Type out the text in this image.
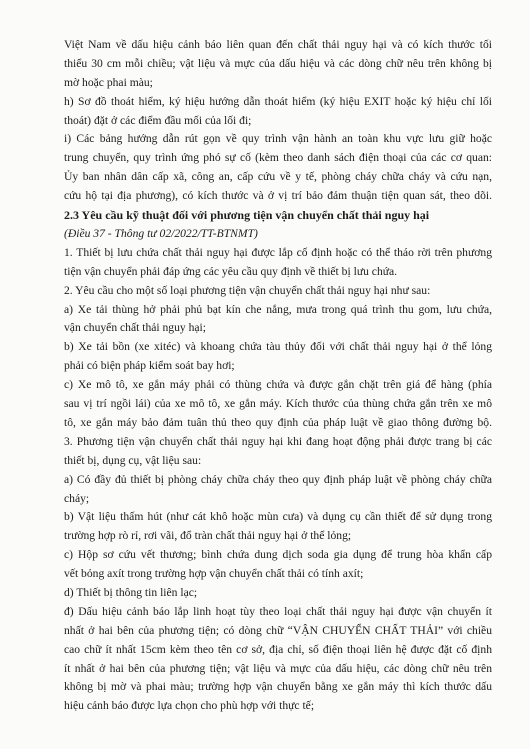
Việt Nam về dấu hiệu cảnh báo liên quan đến chất thải nguy hại và có kích thước tối
thiểu 30 cm mỗi chiều; vật liệu và mực của dấu hiệu và các dòng chữ nêu trên không bị
mờ hoặc phai màu;
h) Sơ đồ thoát hiểm, ký hiệu hướng dẫn thoát hiểm (ký hiệu EXIT hoặc ký hiệu chỉ lối
thoát) đặt ở các điểm đầu mối của lối đi;
i) Các bảng hướng dẫn rút gọn về quy trình vận hành an toàn khu vực lưu giữ hoặc
trung chuyển, quy trình ứng phó sự cố (kèm theo danh sách điện thoại của các cơ quan:
Ủy ban nhân dân cấp xã, công an, cấp cứu về y tế, phòng cháy chữa cháy và cứu nạn,
cứu hộ tại địa phương), có kích thước và ở vị trí bảo đảm thuận tiện quan sát, theo dõi.
2.3 Yêu cầu kỹ thuật đối với phương tiện vận chuyển chất thải nguy hại
(Điều 37 - Thông tư 02/2022/TT-BTNMT)
1. Thiết bị lưu chứa chất thải nguy hại được lắp cố định hoặc có thể tháo rời trên phương
tiện vận chuyển phải đáp ứng các yêu cầu quy định về thiết bị lưu chứa.
2. Yêu cầu cho một số loại phương tiện vận chuyển chất thải nguy hại như sau:
a) Xe tải thùng hở phải phủ bạt kín che nắng, mưa trong quá trình thu gom, lưu chứa,
vận chuyển chất thải nguy hại;
b) Xe tải bồn (xe xitéc) và khoang chứa tàu thủy đối với chất thải nguy hại ở thể lỏng
phải có biện pháp kiểm soát bay hơi;
c) Xe mô tô, xe gắn máy phải có thùng chứa và được gắn chặt trên giá để hàng (phía
sau vị trí ngồi lái) của xe mô tô, xe gắn máy. Kích thước của thùng chứa gắn trên xe mô
tô, xe gắn máy bảo đảm tuân thủ theo quy định của pháp luật về giao thông đường bộ.
3. Phương tiện vận chuyển chất thải nguy hại khi đang hoạt động phải được trang bị các
thiết bị, dụng cụ, vật liệu sau:
a) Có đầy đủ thiết bị phòng cháy chữa cháy theo quy định pháp luật về phòng cháy chữa
cháy;
b) Vật liệu thấm hút (như cát khô hoặc mùn cưa) và dụng cụ cần thiết để sử dụng trong
trường hợp rò rỉ, rơi vãi, đổ tràn chất thải nguy hại ở thể lỏng;
c) Hộp sơ cứu vết thương; bình chứa dung dịch soda gia dụng để trung hòa khẩn cấp
vết bỏng axít trong trường hợp vận chuyển chất thải có tính axít;
d) Thiết bị thông tin liên lạc;
đ) Dấu hiệu cảnh báo lắp linh hoạt tùy theo loại chất thải nguy hại được vận chuyển ít
nhất ở hai bên của phương tiện; có dòng chữ “VẬN CHUYỂN CHẤT THẢI” với chiều
cao chữ ít nhất 15cm kèm theo tên cơ sở, địa chỉ, số điện thoại liên hệ được đặt cố định
ít nhất ở hai bên của phương tiện; vật liệu và mực của dấu hiệu, các dòng chữ nêu trên
không bị mờ và phai màu; trường hợp vận chuyển bằng xe gắn máy thì kích thước dấu
hiệu cảnh báo được lựa chọn cho phù hợp với thực tế;
